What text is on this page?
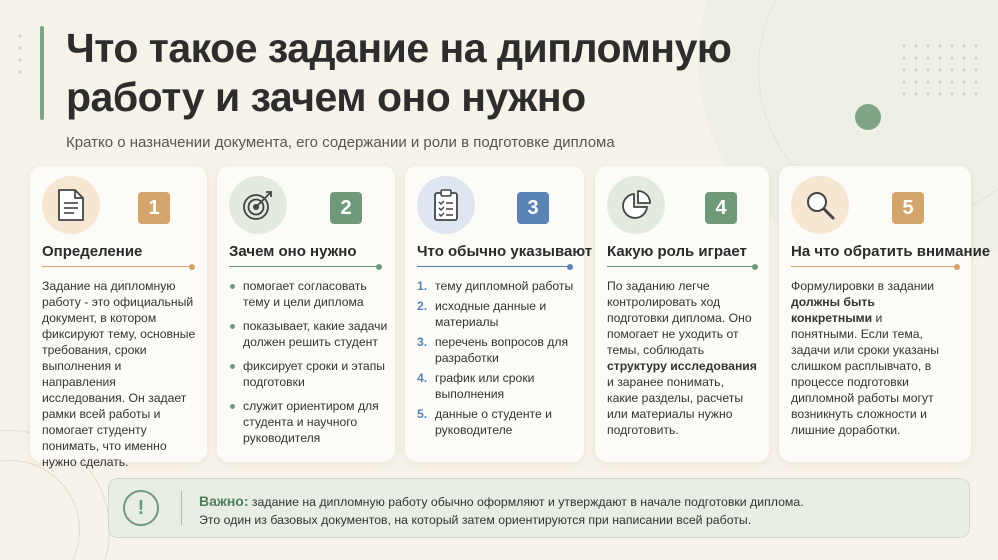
Что такое задание на дипломную работу и зачем оно нужно
Кратко о назначении документа, его содержании и роли в подготовке диплома
1
Определение
Задание на дипломную работу - это официальный документ, в котором фиксируют тему, основные требования, сроки выполнения и направления исследования. Он задает рамки всей работы и помогает студенту понимать, что именно нужно сделать.
2
Зачем оно нужно
помогает согласовать тему и цели диплома
показывает, какие задачи должен решить студент
фиксирует сроки и этапы подготовки
служит ориентиром для студента и научного руководителя
3
Что обычно указывают
1. тему дипломной работы
2. исходные данные и материалы
3. перечень вопросов для разработки
4. график или сроки выполнения
5. данные о студенте и руководителе
4
Какую роль играет
По заданию легче контролировать ход подготовки диплома. Оно помогает не уходить от темы, соблюдать структуру исследования и заранее понимать, какие разделы, расчеты или материалы нужно подготовить.
5
На что обратить внимание
Формулировки в задании должны быть конкретными и понятными. Если тема, задачи или сроки указаны слишком расплывчато, в процессе подготовки дипломной работы могут возникнуть сложности и лишние доработки.
!	Важно: задание на дипломную работу обычно оформляют и утверждают в начале подготовки диплома.
Это один из базовых документов, на который затем ориентируются при написании всей работы.
